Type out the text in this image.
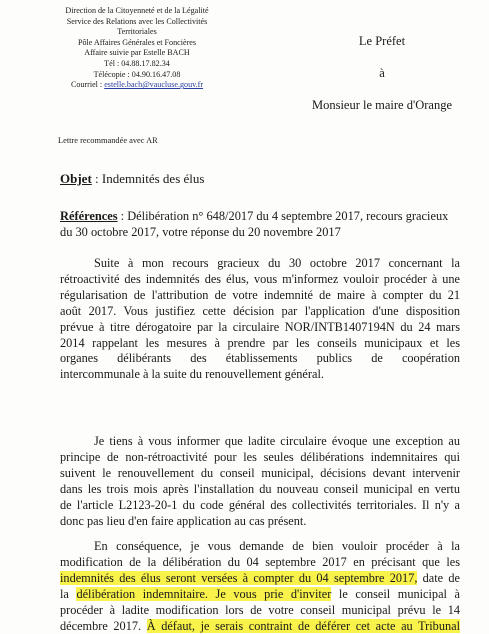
Direction de la Citoyenneté et de la Légalité
Service des Relations avec les Collectivités
Territoriales
Pôle Affaires Générales et Foncières
Affaire suivie par Estelle BACH
Tél : 04.88.17.82.34
Télécopie : 04.90.16.47.08
Courriel : estelle.bach@vaucluse.gouv.fr
Le Préfet
à
Monsieur le maire d'Orange
Lettre recommandée avec AR
Objet : Indemnités des élus
Références : Délibération n° 648/2017 du 4 septembre 2017, recours gracieux
du 30 octobre 2017, votre réponse du 20 novembre 2017
Suite à mon recours gracieux du 30 octobre 2017 concernant la
rétroactivité des indemnités des élus, vous m'informez vouloir procéder à une
régularisation de l'attribution de votre indemnité de maire à compter du 21
août 2017. Vous justifiez cette décision par l'application d'une disposition
prévue à titre dérogatoire par la circulaire NOR/INTB1407194N du 24 mars
2014 rappelant les mesures à prendre par les conseils municipaux et les
organes délibérants des établissements publics de coopération
intercommunale à la suite du renouvellement général.
Je tiens à vous informer que ladite circulaire évoque une exception au
principe de non-rétroactivité pour les seules délibérations indemnitaires qui
suivent le renouvellement du conseil municipal, décisions devant intervenir
dans les trois mois après l'installation du nouveau conseil municipal en vertu
de l'article L2123-20-1 du code général des collectivités territoriales. Il n'y a
donc pas lieu d'en faire application au cas présent.
En conséquence, je vous demande de bien vouloir procéder à la
modification de la délibération du 04 septembre 2017 en précisant que les
indemnités des élus seront versées à compter du 04 septembre 2017, date de
la délibération indemnitaire. Je vous prie d'inviter le conseil municipal à
procéder à ladite modification lors de votre conseil municipal prévu le 14
décembre 2017. À défaut, je serais contraint de déférer cet acte au Tribunal
